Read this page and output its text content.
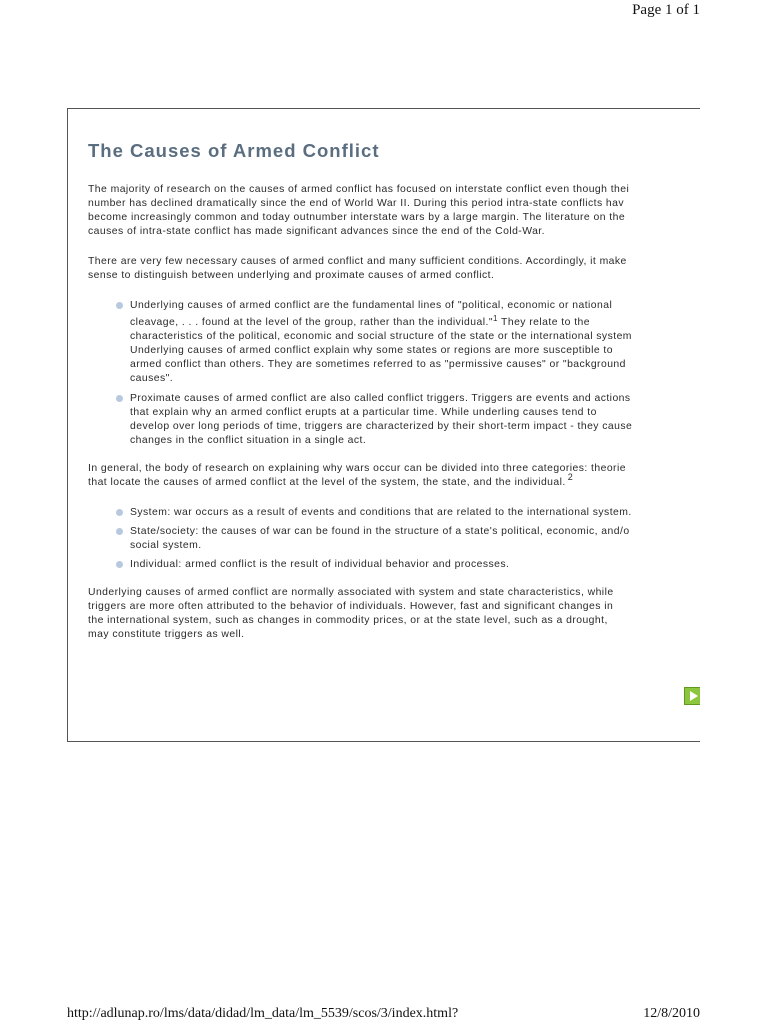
Page 1 of 1
The Causes of Armed Conflict
The majority of research on the causes of armed conflict has focused on interstate conflict even though thei
number has declined dramatically since the end of World War II. During this period intra-state conflicts hav
become increasingly common and today outnumber interstate wars by a large margin. The literature on the
causes of intra-state conflict has made significant advances since the end of the Cold-War.
There are very few necessary causes of armed conflict and many sufficient conditions. Accordingly, it make
sense to distinguish between underlying and proximate causes of armed conflict.
Underlying causes of armed conflict are the fundamental lines of "political, economic or national
cleavage, . . . found at the level of the group, rather than the individual."$^1$ They relate to the
characteristics of the political, economic and social structure of the state or the international system
Underlying causes of armed conflict explain why some states or regions are more susceptible to
armed conflict than others. They are sometimes referred to as "permissive causes" or "background
causes".
Proximate causes of armed conflict are also called conflict triggers. Triggers are events and actions
that explain why an armed conflict erupts at a particular time. While underling causes tend to
develop over long periods of time, triggers are characterized by their short-term impact - they cause
changes in the conflict situation in a single act.
In general, the body of research on explaining why wars occur can be divided into three categories: theorie
that locate the causes of armed conflict at the level of the system, the state, and the individual. $^2$
System: war occurs as a result of events and conditions that are related to the international system.
State/society: the causes of war can be found in the structure of a state's political, economic, and/o
social system.
Individual: armed conflict is the result of individual behavior and processes.
Underlying causes of armed conflict are normally associated with system and state characteristics, while
triggers are more often attributed to the behavior of individuals. However, fast and significant changes in
the international system, such as changes in commodity prices, or at the state level, such as a drought,
may constitute triggers as well.
http://adlunap.ro/lms/data/didad/lm_data/lm_5539/scos/3/index.html?	12/8/2010
